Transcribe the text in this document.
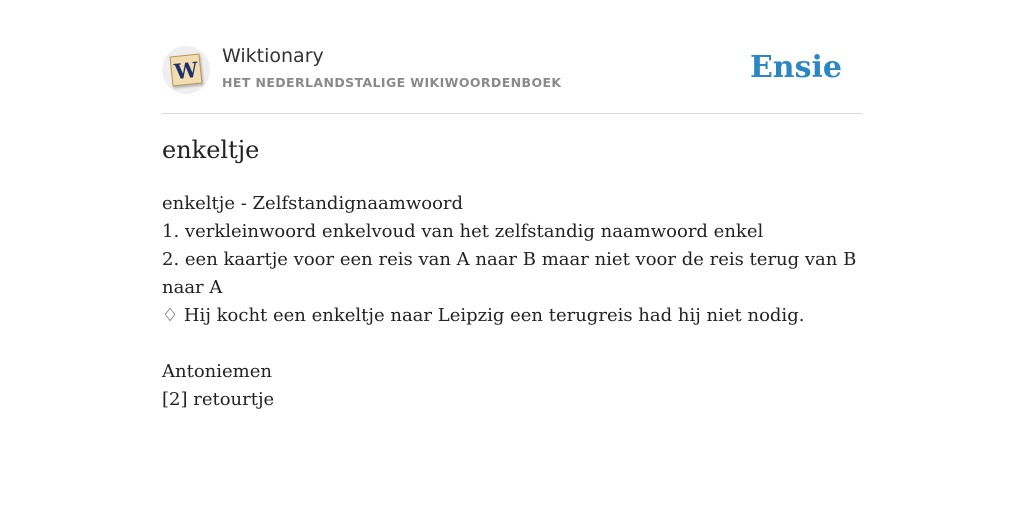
W
Wiktionary
HET NEDERLANDSTALIGE WIKIWOORDENBOEK	Ensie
enkeltje
enkeltje - Zelfstandignaamwoord
1. verkleinwoord enkelvoud van het zelfstandig naamwoord enkel
2. een kaartje voor een reis van A naar B maar niet voor de reis terug van B naar A
♢ Hij kocht een enkeltje naar Leipzig een terugreis had hij niet nodig.
Antoniemen
[2] retourtje
